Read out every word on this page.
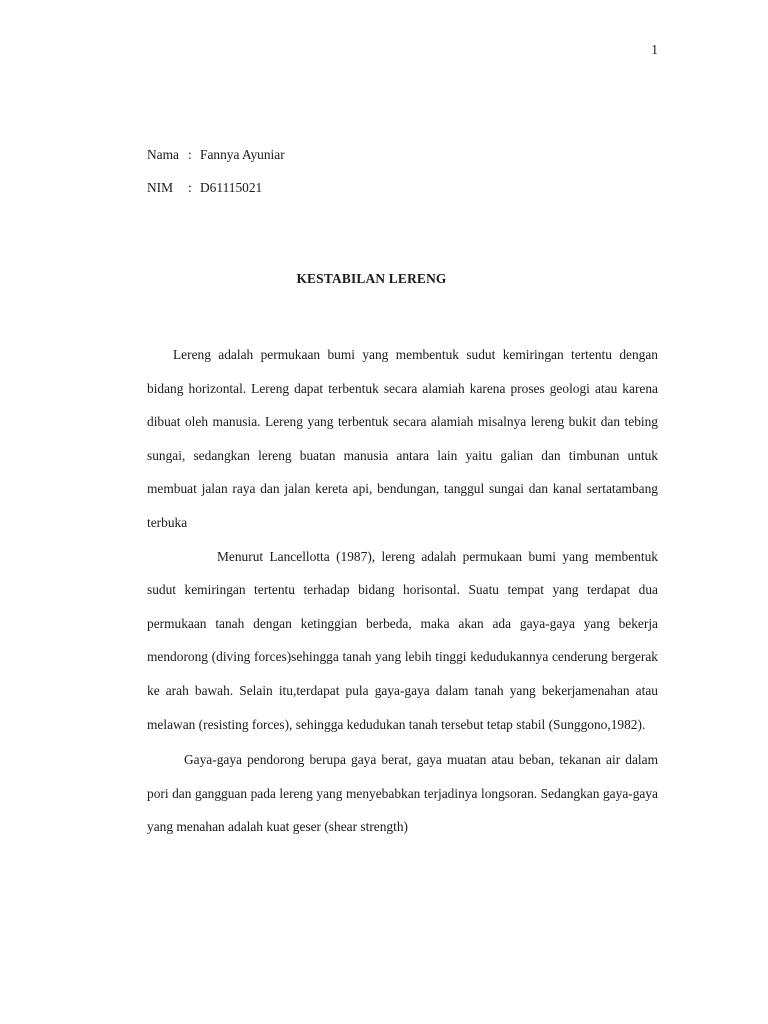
1
Nama : Fannya Ayuniar
NIM	: D61115021
KESTABILAN LERENG

Lereng adalah permukaan bumi yang membentuk sudut kemiringan tertentu dengan bidang horizontal. Lereng dapat terbentuk secara alamiah karena proses geologi atau karena dibuat oleh manusia. Lereng yang terbentuk secara alamiah misalnya lereng bukit dan tebing sungai, sedangkan lereng buatan manusia antara lain yaitu galian dan timbunan untuk membuat jalan raya dan jalan kereta api, bendungan, tanggul sungai dan kanal sertatambang terbuka

Menurut Lancellotta (1987), lereng adalah permukaan bumi yang membentuk sudut kemiringan tertentu terhadap bidang horisontal. Suatu tempat yang terdapat dua permukaan tanah dengan ketinggian berbeda, maka akan ada gaya-gaya yang bekerja mendorong (diving forces)sehingga tanah yang lebih tinggi kedudukannya cenderung bergerak ke arah bawah. Selain itu,terdapat pula gaya-gaya dalam tanah yang bekerjamenahan atau melawan (resisting forces), sehingga kedudukan tanah tersebut tetap stabil (Sunggono,1982).

Gaya-gaya pendorong berupa gaya berat, gaya muatan atau beban, tekanan air dalam pori dan gangguan pada lereng yang menyebabkan terjadinya longsoran. Sedangkan gaya-gaya yang menahan adalah kuat geser (shear strength)
